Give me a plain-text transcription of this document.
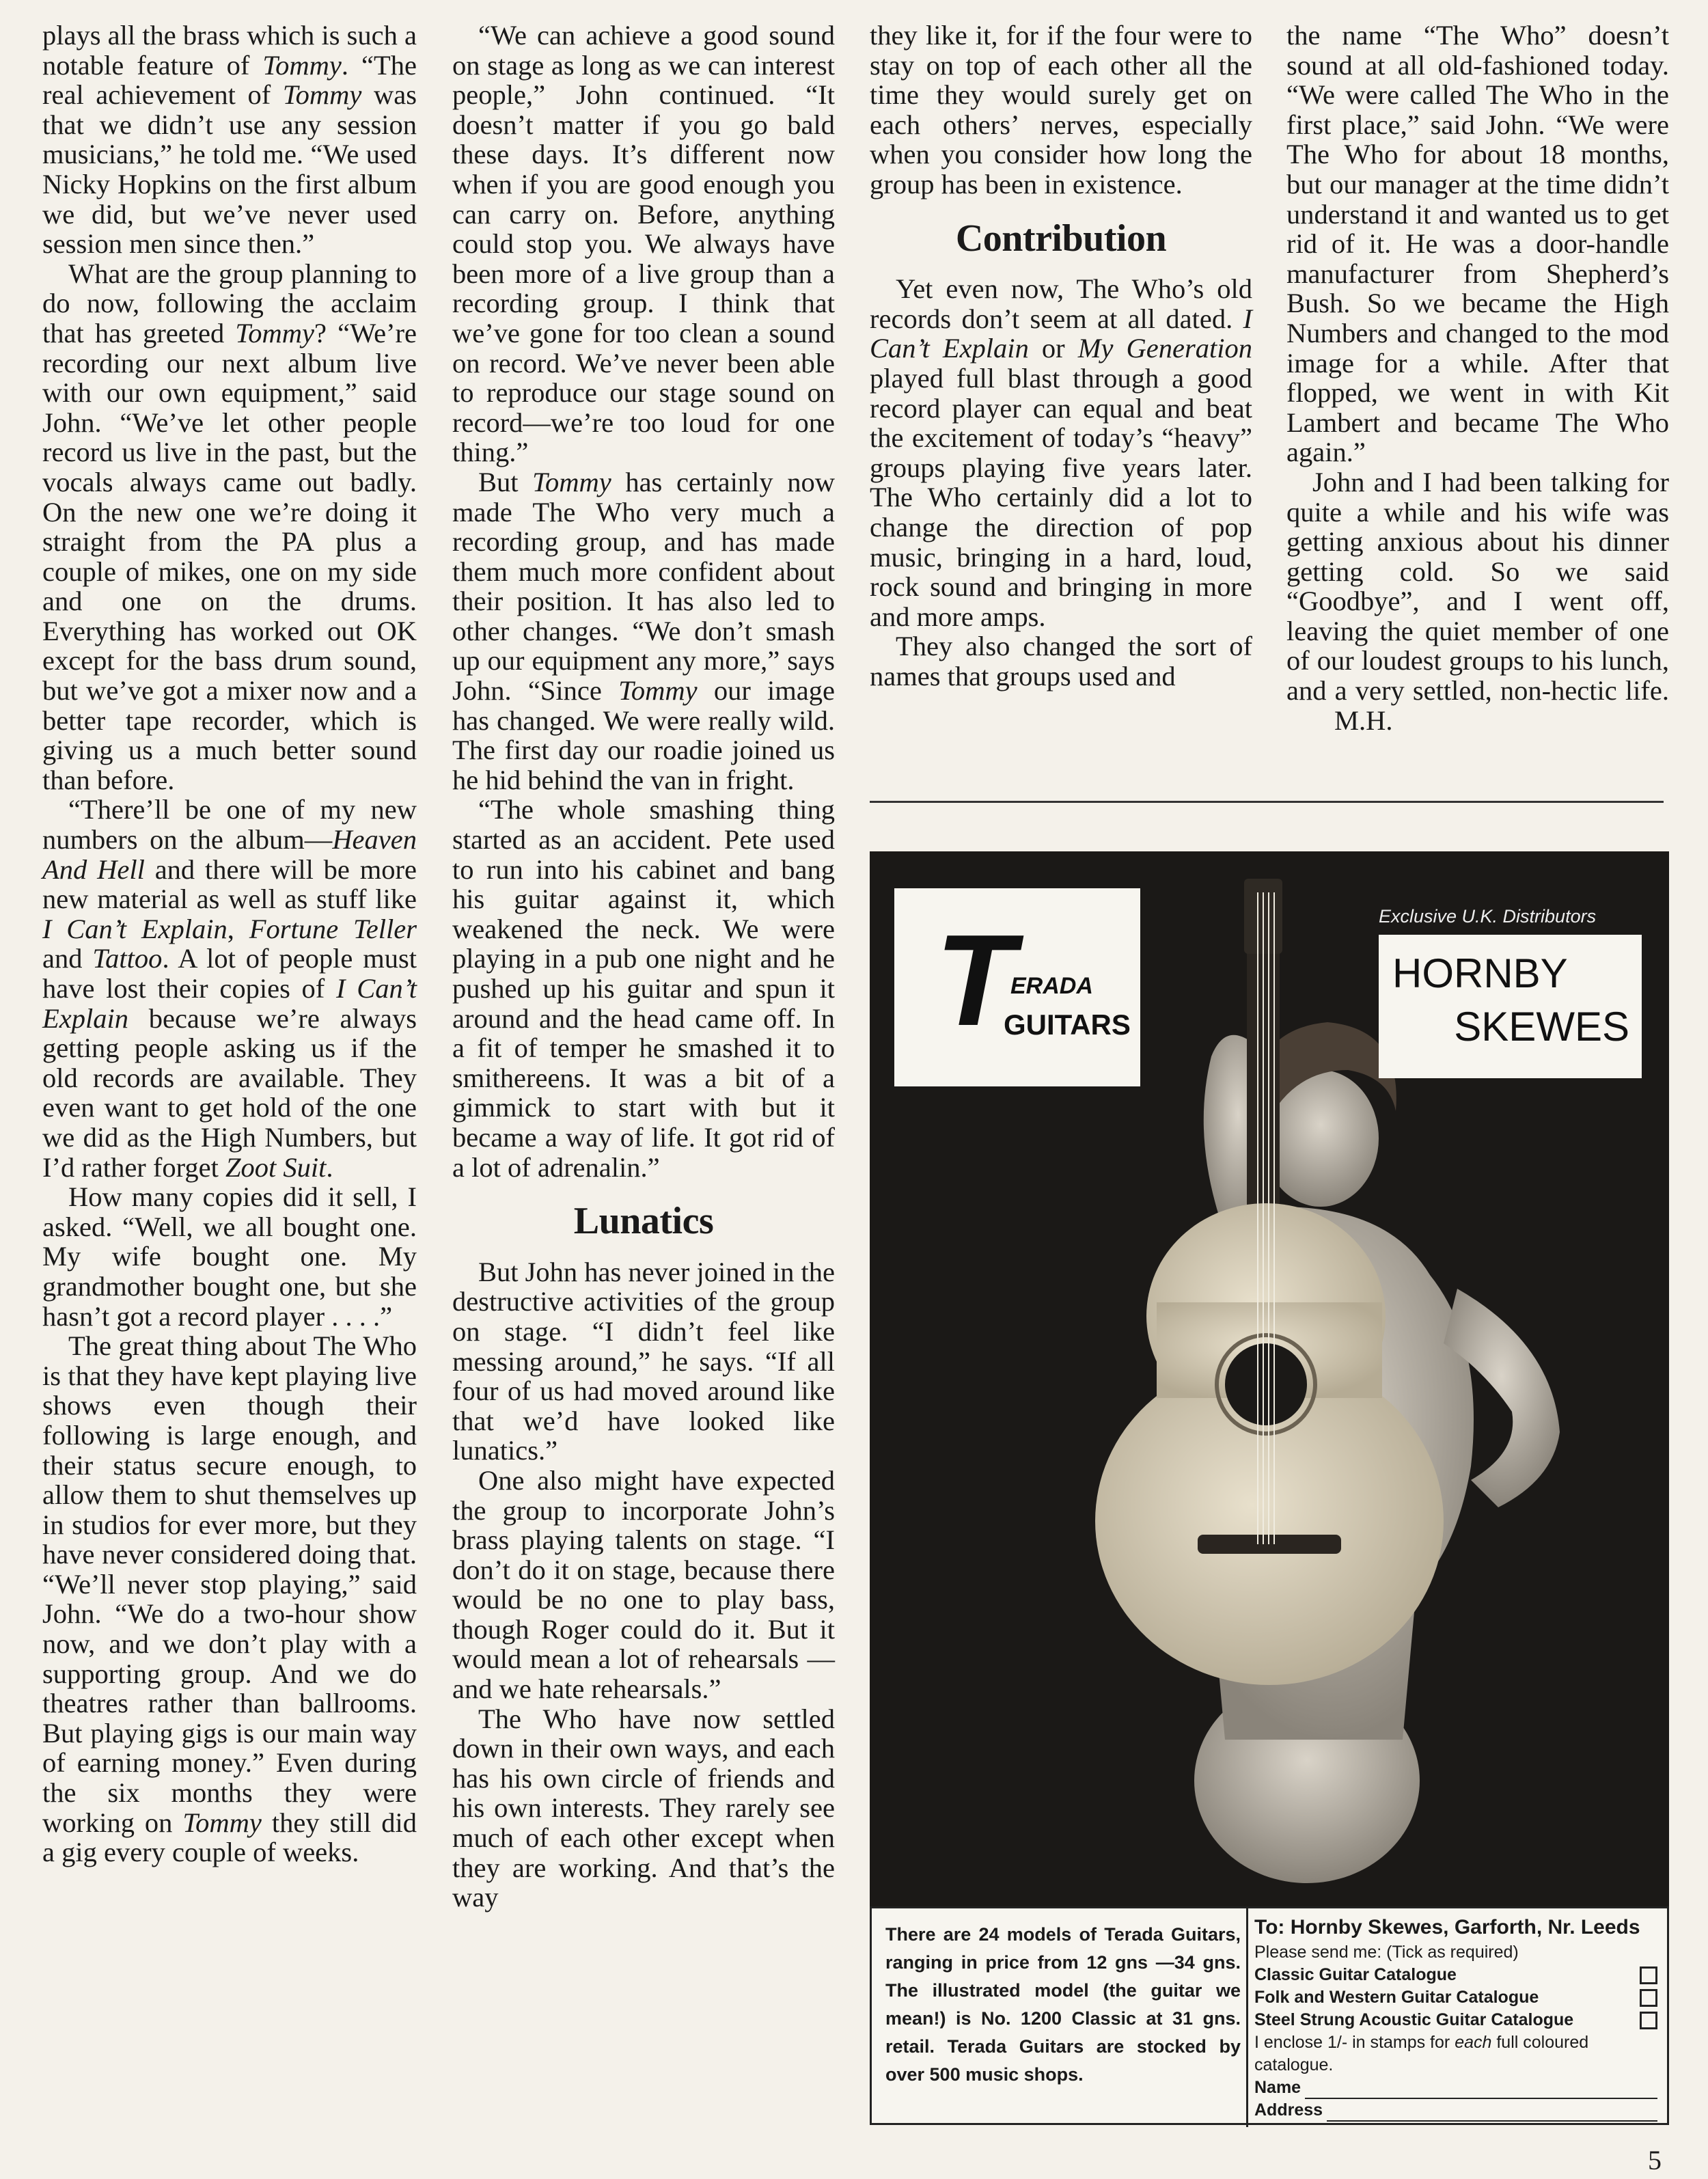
plays all the brass which is such a notable feature of Tommy. “The real achievement of Tommy was that we didn’t use any session musicians,” he told me. “We used Nicky Hopkins on the first album we did, but we’ve never used session men since then.”

What are the group planning to do now, following the acclaim that has greeted Tommy? “We’re recording our next album live with our own equipment,” said John. “We’ve let other people record us live in the past, but the vocals always came out badly. On the new one we’re doing it straight from the PA plus a couple of mikes, one on my side and one on the drums. Everything has worked out OK except for the bass drum sound, but we’ve got a mixer now and a better tape recorder, which is giving us a much better sound than before.

“There’ll be one of my new numbers on the album—Heaven And Hell and there will be more new material as well as stuff like I Can’t Explain, Fortune Teller and Tattoo. A lot of people must have lost their copies of I Can’t Explain because we’re always getting people asking us if the old records are available. They even want to get hold of the one we did as the High Numbers, but I’d rather forget Zoot Suit.

How many copies did it sell, I asked. “Well, we all bought one. My wife bought one. My grandmother bought one, but she hasn’t got a record player . . . .”

The great thing about The Who is that they have kept playing live shows even though their following is large enough, and their status secure enough, to allow them to shut themselves up in studios for ever more, but they have never considered doing that. “We’ll never stop playing,” said John. “We do a two-hour show now, and we don’t play with a supporting group. And we do theatres rather than ballrooms. But playing gigs is our main way of earning money.” Even during the six months they were working on Tommy they still did a gig every couple of weeks.

“We can achieve a good sound on stage as long as we can interest people,” John continued. “It doesn’t matter if you go bald these days. It’s different now when if you are good enough you can carry on. Before, anything could stop you. We always have been more of a live group than a recording group. I think that we’ve gone for too clean a sound on record. We’ve never been able to reproduce our stage sound on record—we’re too loud for one thing.”

But Tommy has certainly now made The Who very much a recording group, and has made them much more confident about their position. It has also led to other changes. “We don’t smash up our equipment any more,” says John. “Since Tommy our image has changed. We were really wild. The first day our roadie joined us he hid behind the van in fright.

“The whole smashing thing started as an accident. Pete used to run into his cabinet and bang his guitar against it, which weakened the neck. We were playing in a pub one night and he pushed up his guitar and spun it around and the head came off. In a fit of temper he smashed it to smithereens. It was a bit of a gimmick to start with but it became a way of life. It got rid of a lot of adrenalin.”

Lunatics

But John has never joined in the destructive activities of the group on stage. “I didn’t feel like messing around,” he says. “If all four of us had moved around like that we’d have looked like lunatics.”

One also might have expected the group to incorporate John’s brass playing talents on stage. “I don’t do it on stage, because there would be no one to play bass, though Roger could do it. But it would mean a lot of rehearsals —and we hate rehearsals.”

The Who have now settled down in their own ways, and each has his own circle of friends and his own interests. They rarely see much of each other except when they are working. And that’s the way

they like it, for if the four were to stay on top of each other all the time they would surely get on each others’ nerves, especially when you consider how long the group has been in existence.

Contribution

Yet even now, The Who’s old records don’t seem at all dated. I Can’t Explain or My Generation played full blast through a good record player can equal and beat the excitement of today’s “heavy” groups playing five years later. The Who certainly did a lot to change the direction of pop music, bringing in a hard, loud, rock sound and bringing in more and more amps.

They also changed the sort of names that groups used and

the name “The Who” doesn’t sound at all old-fashioned today. “We were called The Who in the first place,” said John. “We were The Who for about 18 months, but our manager at the time didn’t understand it and wanted us to get rid of it. He was a door-handle manufacturer from Shepherd’s Bush. So we became the High Numbers and changed to the mod image for a while. After that flopped, we went in with Kit Lambert and became The Who again.”

John and I had been talking for quite a while and his wife was getting anxious about his dinner getting cold. So we said “Goodbye”, and I went off, leaving the quiet member of one of our loudest groups to his lunch, and a very settled, non-hectic life.M.H.

T
ERADA
GUITARS
Exclusive U.K. Distributors
HORNBY
SKEWES
There are 24 models of Terada Guitars, ranging in price from 12 gns —34 gns. The illustrated model (the guitar we mean!) is No. 1200 Classic at 31 gns. retail. Terada Guitars are stocked by over 500 music shops.
To: Hornby Skewes, Garforth, Nr. Leeds
Please send me: (Tick as required)
Classic Guitar Catalogue
Folk and Western Guitar Catalogue
Steel Strung Acoustic Guitar Catalogue
I enclose 1/- in stamps for each full coloured catalogue.
Name
Address
5
